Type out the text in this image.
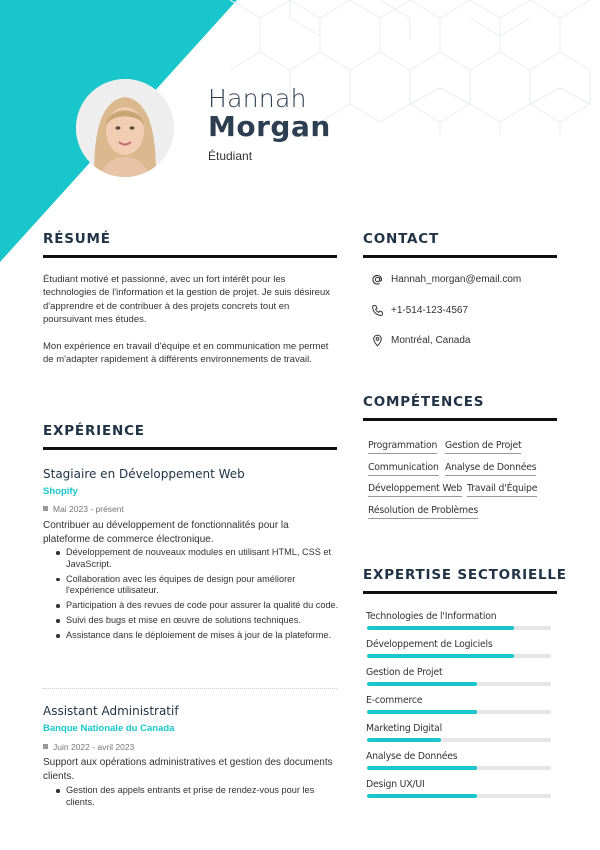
Hannah
Morgan
Étudiant
RÉSUMÉ
Étudiant motivé et passionné, avec un fort intérêt pour les technologies de l'information et la gestion de projet. Je suis désireux d'apprendre et de contribuer à des projets concrets tout en poursuivant mes études.
Mon expérience en travail d'équipe et en communication me permet de m'adapter rapidement à différents environnements de travail.
EXPÉRIENCE
Stagiaire en Développement Web
Shopify
Mai 2023 - présent
Contribuer au développement de fonctionnalités pour la plateforme de commerce électronique.
Développement de nouveaux modules en utilisant HTML, CSS et JavaScript.
Collaboration avec les équipes de design pour améliorer l'expérience utilisateur.
Participation à des revues de code pour assurer la qualité du code.
Suivi des bugs et mise en œuvre de solutions techniques.
Assistance dans le déploiement de mises à jour de la plateforme.
Assistant Administratif
Banque Nationale du Canada
Juin 2022 - avril 2023
Support aux opérations administratives et gestion des documents clients.
Gestion des appels entrants et prise de rendez-vous pour les clients.
CONTACT
Hannah_morgan@email.com
+1-514-123-4567
Montréal, Canada
COMPÉTENCES
Programmation Gestion de Projet
Communication Analyse de Données
Développement Web Travail d'Équipe
Résolution de Problèmes
EXPERTISE SECTORIELLE
Technologies de l'Information
Développement de Logiciels
Gestion de Projet
E-commerce
Marketing Digital
Analyse de Données
Design UX/UI
